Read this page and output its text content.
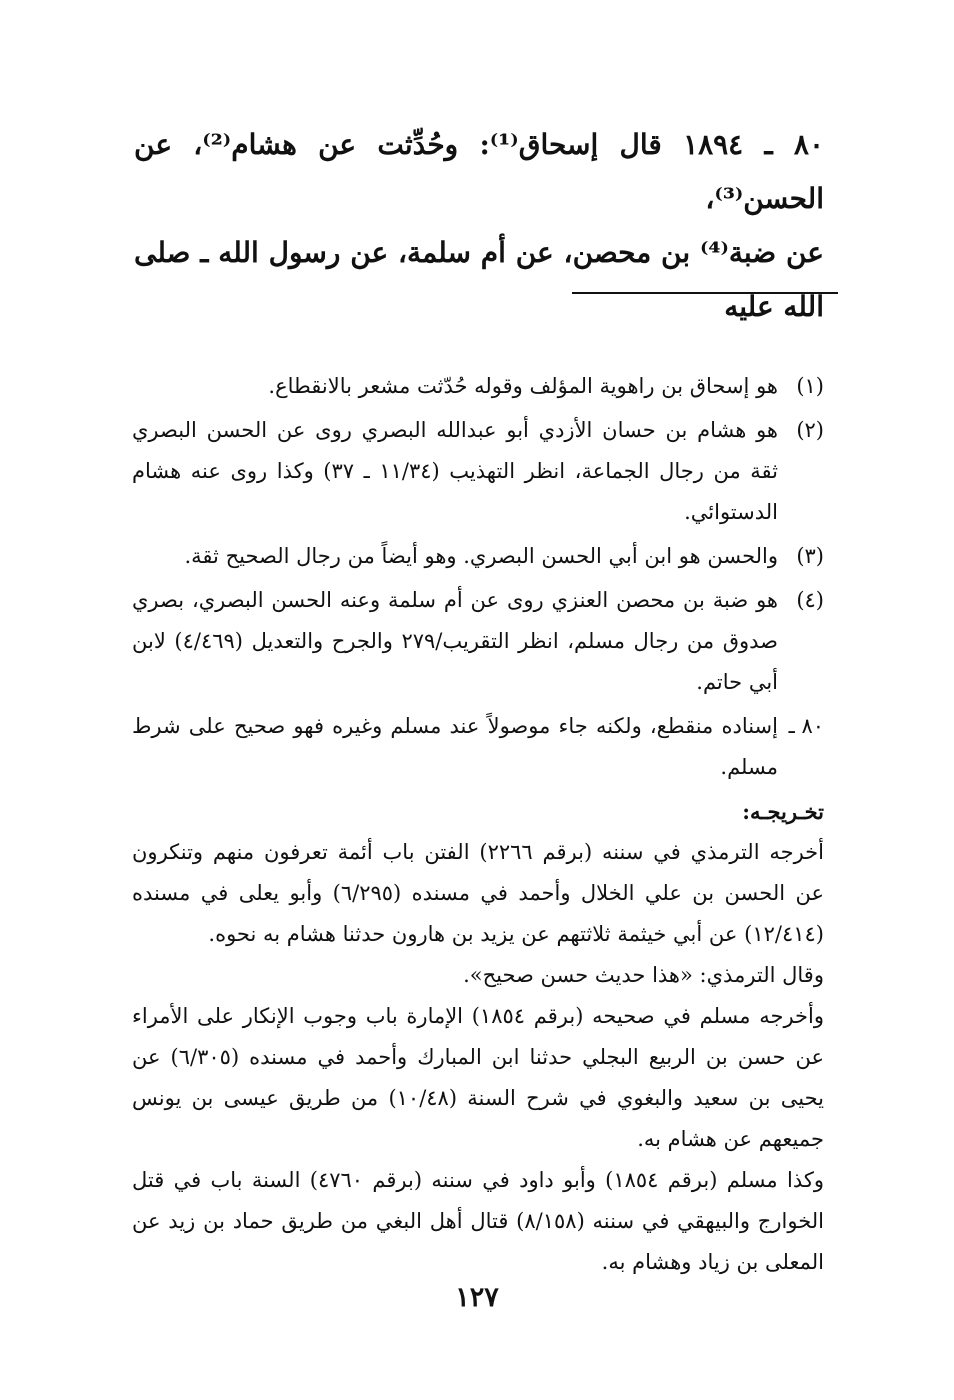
٨٠ ـ ١٨٩٤ قال إسحاق⁽¹⁾: وحُدِّثت عن هشام⁽²⁾، عن الحسن⁽³⁾،

عن ضبة⁽⁴⁾ بن محصن، عن أم سلمة، عن رسول الله ـ صلى الله عليه

(١)
هو إسحاق بن راهوية المؤلف وقوله حُدّثت مشعر بالانقطاع.
(٢)
هو هشام بن حسان الأزدي أبو عبدالله البصري روى عن الحسن البصري ثقة من رجال الجماعة، انظر التهذيب (١١/٣٤ ـ ٣٧) وكذا روى عنه هشام الدستوائي.
(٣)
والحسن هو ابن أبي الحسن البصري. وهو أيضاً من رجال الصحيح ثقة.
(٤)
هو ضبة بن محصن العنزي روى عن أم سلمة وعنه الحسن البصري، بصري صدوق من رجال مسلم، انظر التقريب/٢٧٩ والجرح والتعديل (٤/٤٦٩) لابن أبي حاتم.
٨٠ ـ
إسناده منقطع، ولكنه جاء موصولاً عند مسلم وغيره فهو صحيح على شرط مسلم.
تخـريجـه:

أخرجه الترمذي في سننه (برقم ٢٢٦٦) الفتن باب أئمة تعرفون منهم وتنكرون عن الحسن بن علي الخلال وأحمد في مسنده (٦/٢٩٥) وأبو يعلى في مسنده (١٢/٤١٤) عن أبي خيثمة ثلاثتهم عن يزيد بن هارون حدثنا هشام به نحوه.

وقال الترمذي: «هذا حديث حسن صحيح».

وأخرجه مسلم في صحيحه (برقم ١٨٥٤) الإمارة باب وجوب الإنكار على الأمراء عن حسن بن الربيع البجلي حدثنا ابن المبارك وأحمد في مسنده (٦/٣٠٥) عن يحيى بن سعيد والبغوي في شرح السنة (١٠/٤٨) من طريق عيسى بن يونس جميعهم عن هشام به.

وكذا مسلم (برقم ١٨٥٤) وأبو داود في سننه (برقم ٤٧٦٠) السنة باب في قتل الخوارج والبيهقي في سننه (٨/١٥٨) قتال أهل البغي من طريق حماد بن زيد عن المعلى بن زياد وهشام به.

١٢٧
